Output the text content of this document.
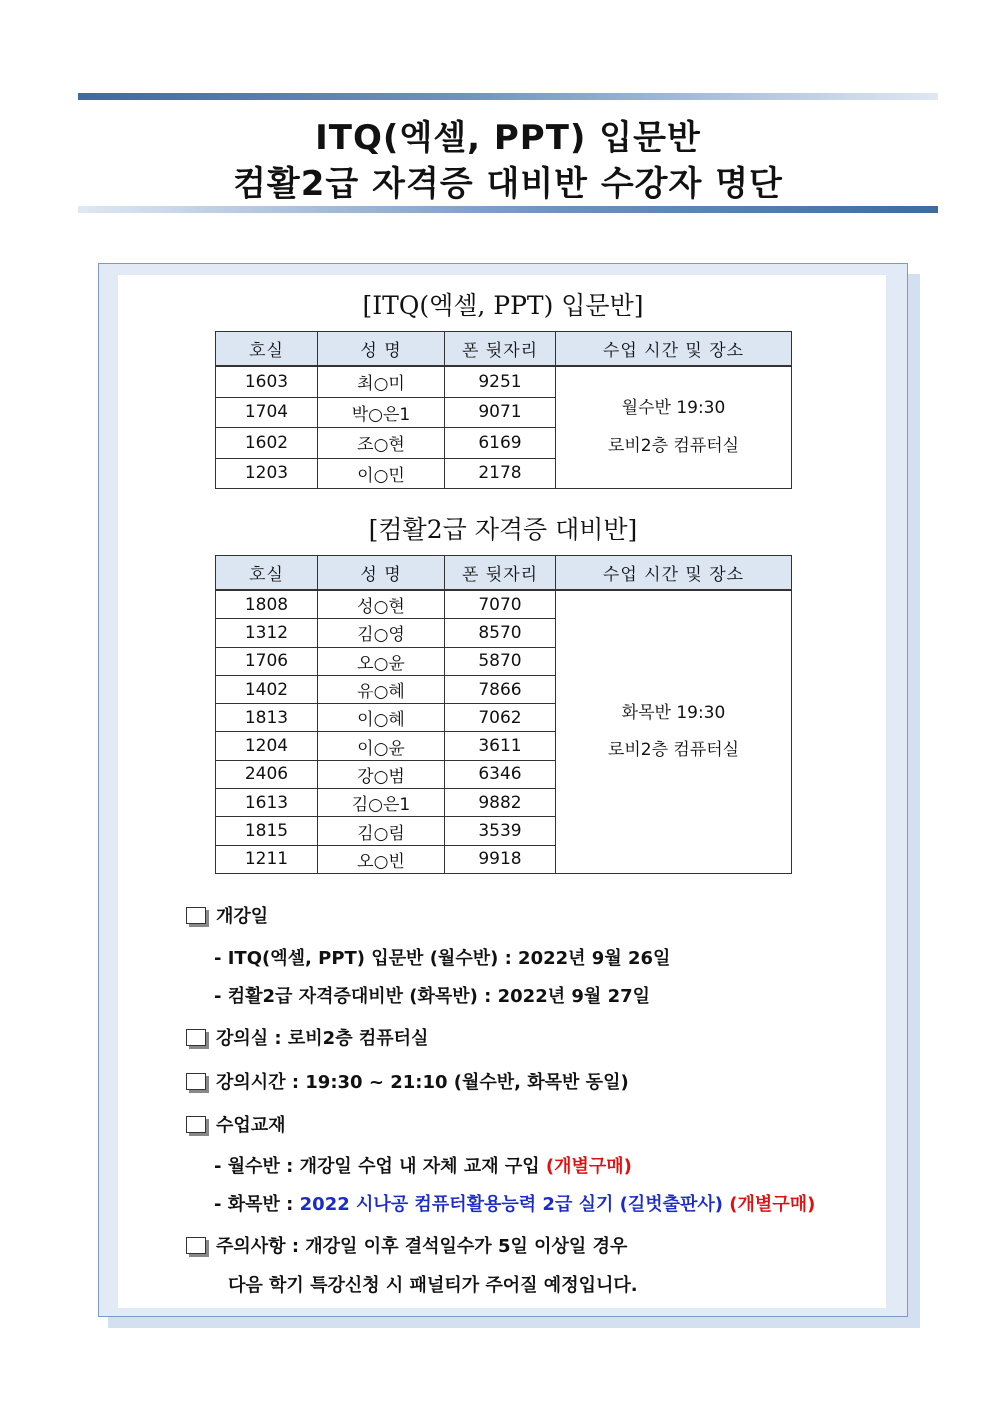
ITQ(엑셀, PPT) 입문반
컴활2급 자격증 대비반 수강자 명단
[ITQ(엑셀, PPT) 입문반]
호실	성 명	폰 뒷자리	수업 시간 및 장소
1603	최○미	9251	월수반 19:30
로비2층 컴퓨터실

1704	박○은1	9071	
1602	조○현	6169	
1203	이○민	2178	
[컴활2급 자격증 대비반]
호실	성 명	폰 뒷자리	수업 시간 및 장소
1808	성○현	7070	화목반 19:30
로비2층 컴퓨터실

1312	김○영	8570	
1706	오○윤	5870	
1402	유○혜	7866	
1813	이○혜	7062	
1204	이○윤	3611	
2406	강○범	6346	
1613	김○은1	9882	
1815	김○림	3539	
1211	오○빈	9918	
개강일
- ITQ(엑셀, PPT) 입문반 (월수반) : 2022년 9월 26일
- 컴활2급 자격증대비반 (화목반) : 2022년 9월 27일
강의실 : 로비2층 컴퓨터실
강의시간 : 19:30 ~ 21:10 (월수반, 화목반 동일)
수업교재
- 월수반 : 개강일 수업 내 자체 교재 구입 (개별구매)
- 화목반 : 2022 시나공 컴퓨터활용능력 2급 실기 (길벗출판사) (개별구매)
주의사항 : 개강일 이후 결석일수가 5일 이상일 경우
다음 학기 특강신청 시 패널티가 주어질 예정입니다.
